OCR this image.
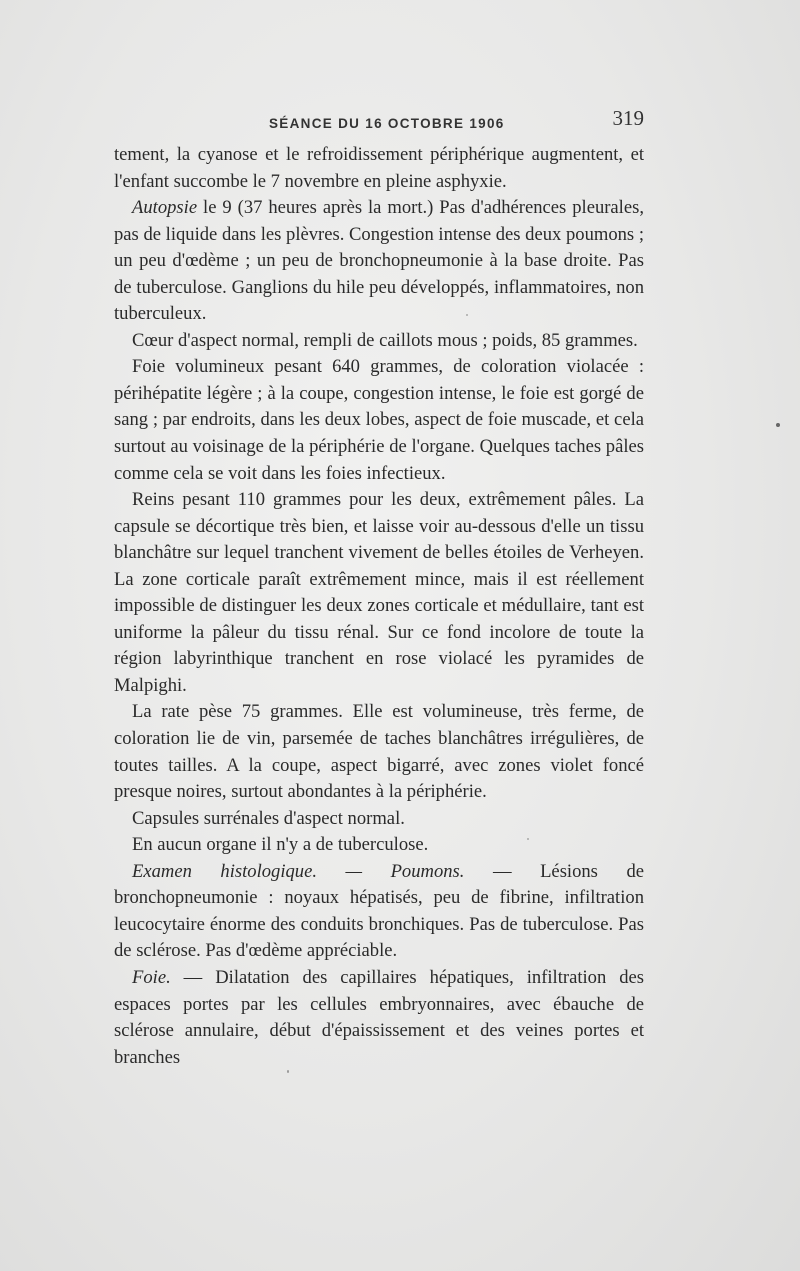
SÉANCE DU 16 OCTOBRE 1906	319

tement, la cyanose et le refroidissement périphérique augmentent, et l'enfant succombe le 7 novembre en pleine asphyxie.

Autopsie le 9 (37 heures après la mort.) Pas d'adhérences pleurales, pas de liquide dans les plèvres. Congestion intense des deux poumons ; un peu d'œdème ; un peu de bronchopneumonie à la base droite. Pas de tuberculose. Ganglions du hile peu développés, inflammatoires, non tuberculeux.

Cœur d'aspect normal, rempli de caillots mous ; poids, 85 grammes.

Foie volumineux pesant 640 grammes, de coloration violacée : périhépatite légère ; à la coupe, congestion intense, le foie est gorgé de sang ; par endroits, dans les deux lobes, aspect de foie muscade, et cela surtout au voisinage de la périphérie de l'organe. Quelques taches pâles comme cela se voit dans les foies infectieux.

Reins pesant 110 grammes pour les deux, extrêmement pâles. La capsule se décortique très bien, et laisse voir au-dessous d'elle un tissu blanchâtre sur lequel tranchent vivement de belles étoiles de Verheyen. La zone corticale paraît extrêmement mince, mais il est réellement impossible de distinguer les deux zones corticale et médullaire, tant est uniforme la pâleur du tissu rénal. Sur ce fond incolore de toute la région labyrinthique tranchent en rose violacé les pyramides de Malpighi.

La rate pèse 75 grammes. Elle est volumineuse, très ferme, de coloration lie de vin, parsemée de taches blanchâtres irrégulières, de toutes tailles. A la coupe, aspect bigarré, avec zones violet foncé presque noires, surtout abondantes à la périphérie.

Capsules surrénales d'aspect normal.

En aucun organe il n'y a de tuberculose.

Examen histologique. — Poumons. — Lésions de bronchopneumonie : noyaux hépatisés, peu de fibrine, infiltration leucocytaire énorme des conduits bronchiques. Pas de tuberculose. Pas de sclérose. Pas d'œdème appréciable.

Foie. — Dilatation des capillaires hépatiques, infiltration des espaces portes par les cellules embryonnaires, avec ébauche de sclérose annulaire, début d'épaississement et des veines portes et branches
